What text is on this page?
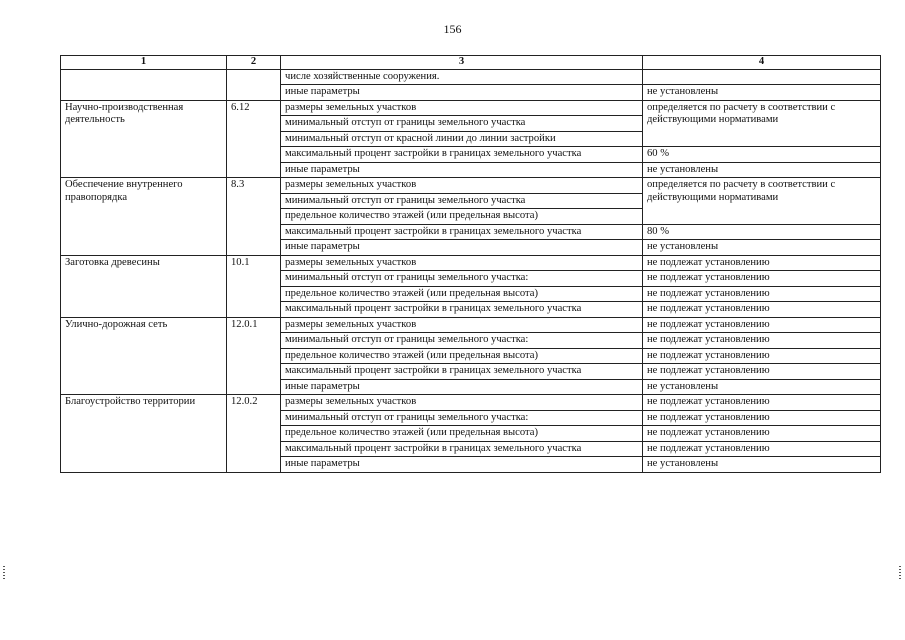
156
1	2	3	4
		числе хозяйственные сооружения.	
		иные параметры	не установлены
Научно-производственная деятельность	6.12	размеры земельных участков	определяется по расчету в соответствии с действующими нормативами
		минимальный отступ от границы земельного участка	
		минимальный отступ от красной линии до линии застройки	
		максимальный процент застройки в границах земельного участка	60 %
		иные параметры	не установлены
Обеспечение внутреннего правопорядка	8.3	размеры земельных участков	определяется по расчету в соответствии с действующими нормативами
		минимальный отступ от границы земельного участка	
		предельное количество этажей (или предельная высота)	
		максимальный процент застройки в границах земельного участка	80 %
		иные параметры	не установлены
Заготовка древесины	10.1	размеры земельных участков	не подлежат установлению
		минимальный отступ от границы земельного участка:	не подлежат установлению
		предельное количество этажей (или предельная высота)	не подлежат установлению
		максимальный процент застройки в границах земельного участка	не подлежат установлению
Улично-дорожная сеть	12.0.1	размеры земельных участков	не подлежат установлению
		минимальный отступ от границы земельного участка:	не подлежат установлению
		предельное количество этажей (или предельная высота)	не подлежат установлению
		максимальный процент застройки в границах земельного участка	не подлежат установлению
		иные параметры	не установлены
Благоустройство территории	12.0.2	размеры земельных участков	не подлежат установлению
		минимальный отступ от границы земельного участка:	не подлежат установлению
		предельное количество этажей (или предельная высота)	не подлежат установлению
		максимальный процент застройки в границах земельного участка	не подлежат установлению
		иные параметры	не установлены
